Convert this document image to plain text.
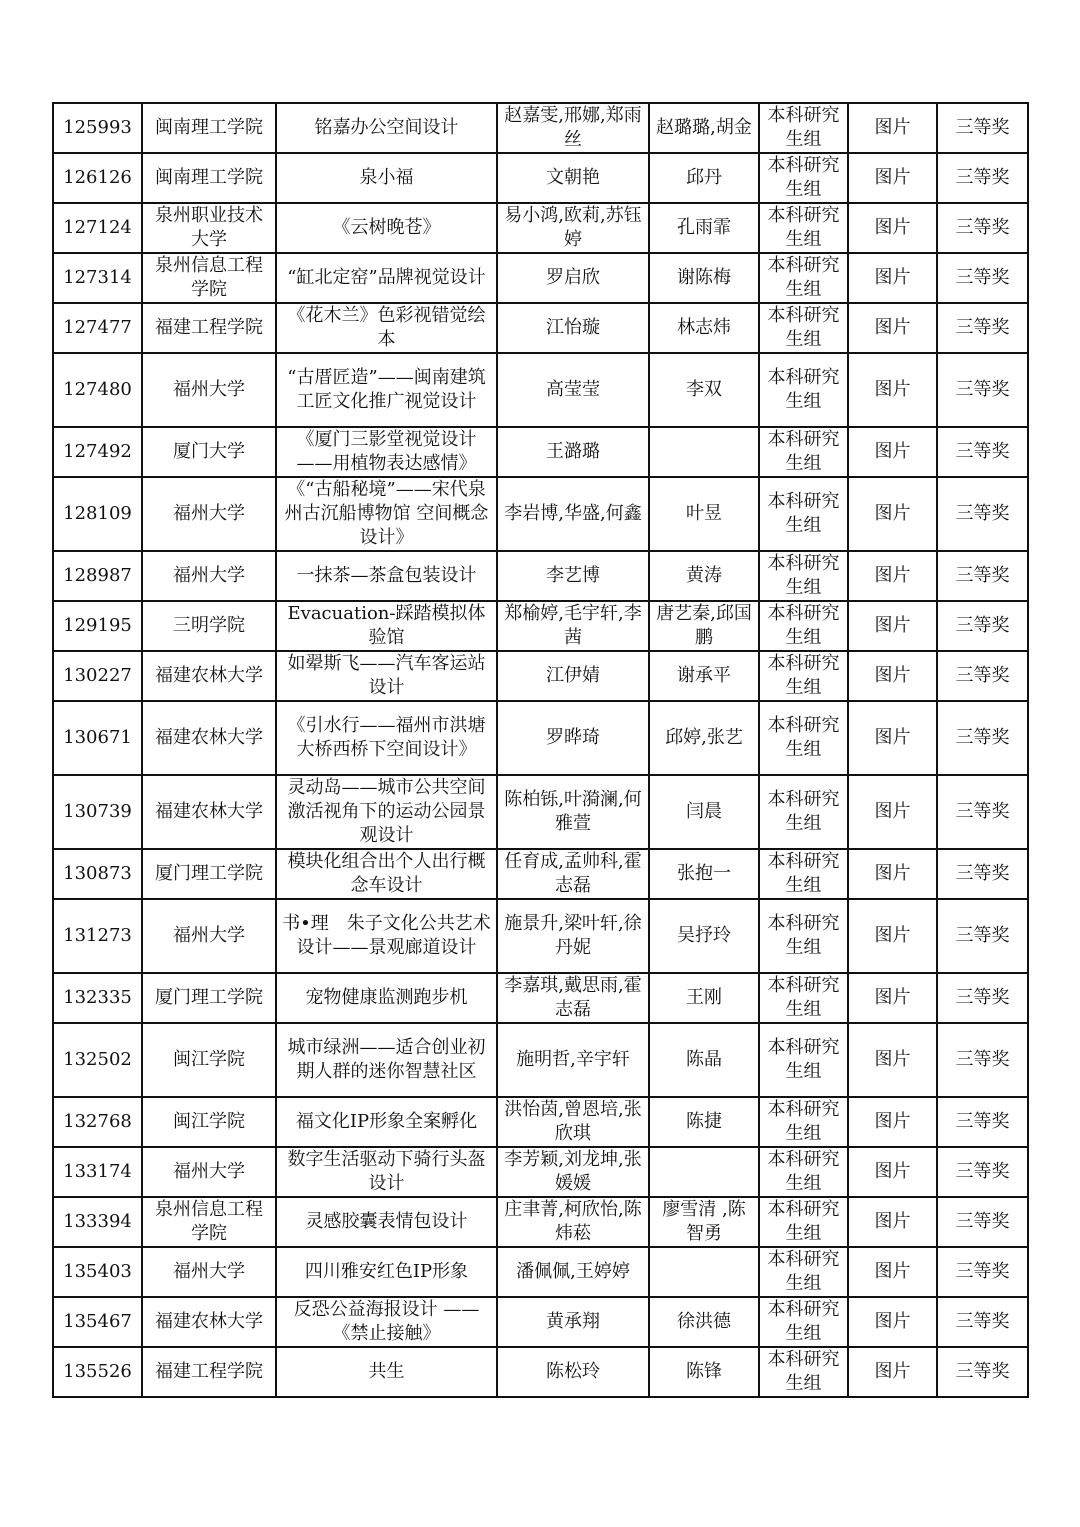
125993	闽南理工学院	铭嘉办公空间设计	赵嘉雯,邢娜,郑雨丝	赵璐璐,胡金	本科研究生组	图片	三等奖
126126	闽南理工学院	泉小福	文朝艳	邱丹	本科研究生组	图片	三等奖
127124	泉州职业技术大学	《云树晚苍》	易小鸿,欧莉,苏钰婷	孔雨霏	本科研究生组	图片	三等奖
127314	泉州信息工程学院	“缸北定窑”品牌视觉设计	罗启欣	谢陈梅	本科研究生组	图片	三等奖
127477	福建工程学院	《花木兰》色彩视错觉绘本	江怡璇	林志炜	本科研究生组	图片	三等奖
127480	福州大学	“古厝匠造”——闽南建筑工匠文化推广视觉设计	高莹莹	李双	本科研究生组	图片	三等奖
127492	厦门大学	《厦门三影堂视觉设计——用植物表达感情》	王潞璐		本科研究生组	图片	三等奖
128109	福州大学	《“古船秘境”——宋代泉州古沉船博物馆 空间概念设计》	李岩博,华盛,何鑫	叶昱	本科研究生组	图片	三等奖
128987	福州大学	一抹茶—茶盒包装设计	李艺博	黄涛	本科研究生组	图片	三等奖
129195	三明学院	Evacuation-踩踏模拟体验馆	郑榆婷,毛宇轩,李茜	唐艺秦,邱国鹏	本科研究生组	图片	三等奖
130227	福建农林大学	如翚斯飞——汽车客运站设计	江伊婧	谢承平	本科研究生组	图片	三等奖
130671	福建农林大学	《引水行——福州市洪塘大桥西桥下空间设计》	罗晔琦	邱婷,张艺	本科研究生组	图片	三等奖
130739	福建农林大学	灵动岛——城市公共空间激活视角下的运动公园景观设计	陈柏铄,叶漪澜,何雅萱	闫晨	本科研究生组	图片	三等奖
130873	厦门理工学院	模块化组合出个人出行概念车设计	任育成,孟帅科,霍志磊	张抱一	本科研究生组	图片	三等奖
131273	福州大学	书•理　朱子文化公共艺术设计——景观廊道设计	施景升,梁叶轩,徐丹妮	吴抒玲	本科研究生组	图片	三等奖
132335	厦门理工学院	宠物健康监测跑步机	李嘉琪,戴思雨,霍志磊	王刚	本科研究生组	图片	三等奖
132502	闽江学院	城市绿洲——适合创业初期人群的迷你智慧社区	施明哲,辛宇轩	陈晶	本科研究生组	图片	三等奖
132768	闽江学院	福文化IP形象全案孵化	洪怡茵,曾恩培,张欣琪	陈捷	本科研究生组	图片	三等奖
133174	福州大学	数字生活驱动下骑行头盔设计	李芳颖,刘龙坤,张媛媛		本科研究生组	图片	三等奖
133394	泉州信息工程学院	灵感胶囊表情包设计	庄聿菁,柯欣怡,陈炜菘	廖雪清 ,陈智勇	本科研究生组	图片	三等奖
135403	福州大学	四川雅安红色IP形象	潘佩佩,王婷婷		本科研究生组	图片	三等奖
135467	福建农林大学	反恐公益海报设计 ——《禁止接触》	黄承翔	徐洪德	本科研究生组	图片	三等奖
135526	福建工程学院	共生	陈松玲	陈锋	本科研究生组	图片	三等奖
